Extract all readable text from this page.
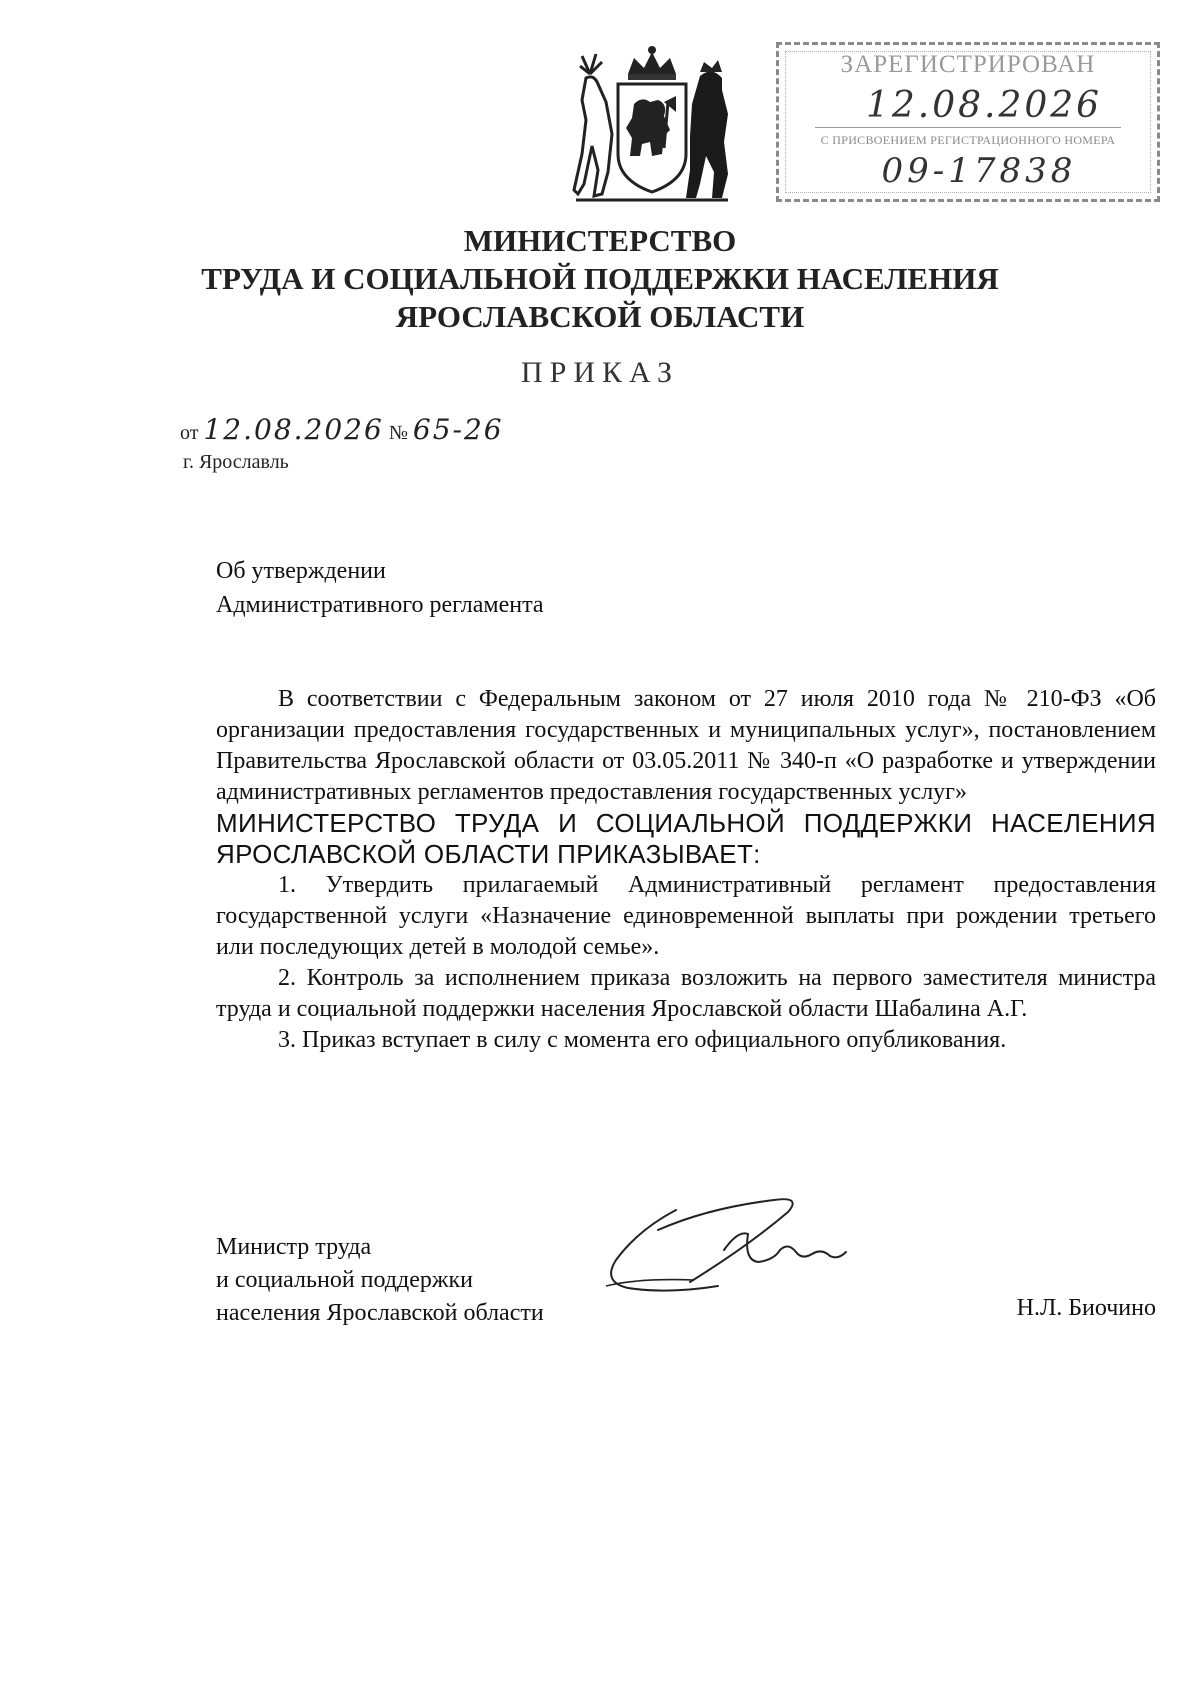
ЗАРЕГИСТРИРОВАН
12.08.2026
С ПРИСВОЕНИЕМ РЕГИСТРАЦИОННОГО НОМЕРА
09-17838
МИНИСТЕРСТВО
ТРУДА И СОЦИАЛЬНОЙ ПОДДЕРЖКИ НАСЕЛЕНИЯ
ЯРОСЛАВСКОЙ ОБЛАСТИ
ПРИКАЗ
от 12.08.2026 № 65-26
г. Ярославль
Об утверждении
Административного регламента

В соответствии с Федеральным законом от 27 июля 2010 года № 210-ФЗ «Об организации предоставления государственных и муниципальных услуг», постановлением Правительства Ярославской области от 03.05.2011 № 340-п «О разработке и утверждении административных регламентов предоставления государственных услуг»

МИНИСТЕРСТВО ТРУДА И СОЦИАЛЬНОЙ ПОДДЕРЖКИ НАСЕЛЕНИЯ ЯРОСЛАВСКОЙ ОБЛАСТИ ПРИКАЗЫВАЕТ:

1. Утвердить прилагаемый Административный регламент предоставления государственной услуги «Назначение единовременной выплаты при рождении третьего или последующих детей в молодой семье».

2. Контроль за исполнением приказа возложить на первого заместителя министра труда и социальной поддержки населения Ярославской области Шабалина А.Г.

3. Приказ вступает в силу с момента его официального опубликования.

Министр труда
и социальной поддержки
населения Ярославской области	Н.Л. Биочино
